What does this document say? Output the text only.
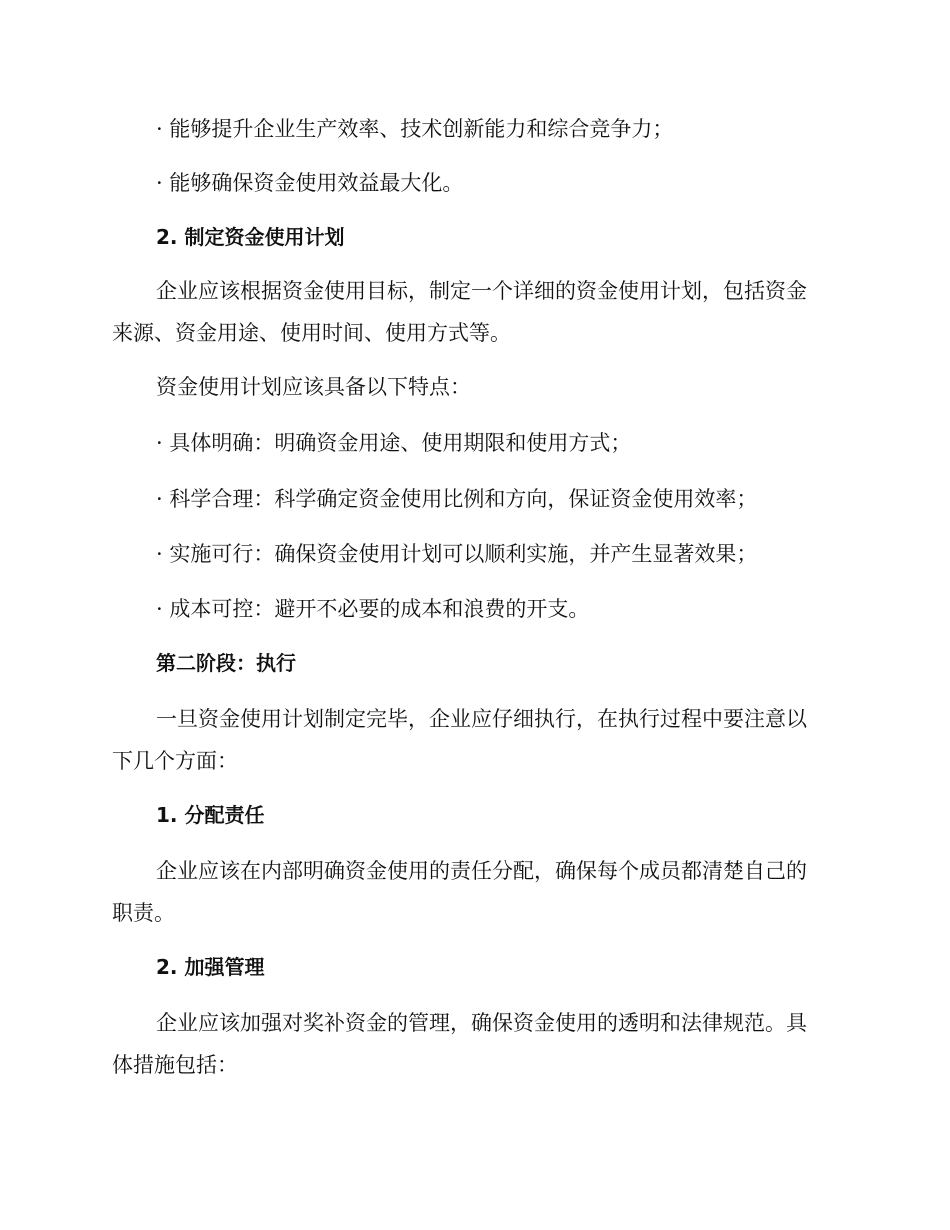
· 能够提升企业生产效率、技术创新能力和综合竞争力；
· 能够确保资金使用效益最大化。
2. 制定资金使用计划
企业应该根据资金使用目标，制定一个详细的资金使用计划，包括资金
来源、资金用途、使用时间、使用方式等。
资金使用计划应该具备以下特点：
· 具体明确：明确资金用途、使用期限和使用方式；
· 科学合理：科学确定资金使用比例和方向，保证资金使用效率；
· 实施可行：确保资金使用计划可以顺利实施，并产生显著效果；
· 成本可控：避开不必要的成本和浪费的开支。
第二阶段：执行
一旦资金使用计划制定完毕，企业应仔细执行，在执行过程中要注意以
下几个方面：
1. 分配责任
企业应该在内部明确资金使用的责任分配，确保每个成员都清楚自己的
职责。
2. 加强管理
企业应该加强对奖补资金的管理，确保资金使用的透明和法律规范。具
体措施包括：
